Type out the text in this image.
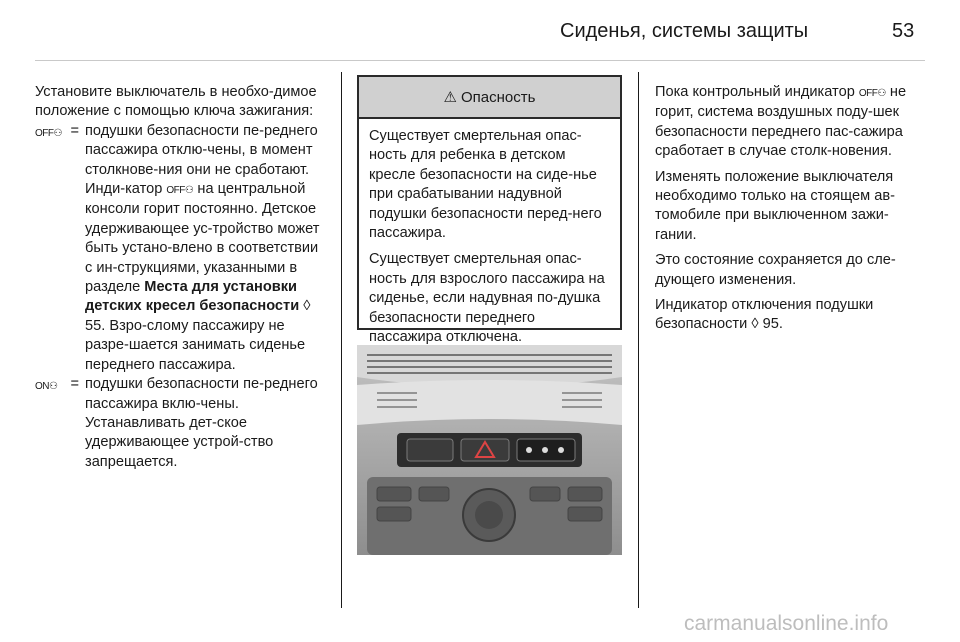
Сиденья, системы защиты	53

Установите выключатель в необхо-димое положение с помощью ключа зажигания:

OFF⚇ = подушки безопасности пе-реднего пассажира отклю-чены, в момент столкнове-ния они не сработают. Инди-катор OFF⚇ на центральной консоли горит постоянно. Детское удерживающее ус-тройство может быть устано-влено в соответствии с ин-струкциями, указанными в разделе Места для установки детских кресел безопасности ◊ 55. Взро-слому пассажиру не разре-шается занимать сиденье переднего пассажира.
ON⚇ = подушки безопасности пе-реднего пассажира вклю-чены. Устанавливать дет-ское удерживающее устрой-ство запрещается.
⚠ Опасность

Существует смертельная опас-ность для ребенка в детском кресле безопасности на сиде-нье при срабатывании надувной подушки безопасности перед-него пассажира.

Существует смертельная опас-ность для взрослого пассажира на сиденье, если надувная по-душка безопасности переднего пассажира отключена.

Пока контрольный индикатор OFF⚇ не горит, система воздушных поду-шек безопасности переднего пас-сажира сработает в случае столк-новения.

Изменять положение выключателя необходимо только на стоящем ав-томобиле при выключенном зажи-гании.

Это состояние сохраняется до сле-дующего изменения.

Индикатор отключения подушки безопасности ◊ 95.

carmanualsonline.info
